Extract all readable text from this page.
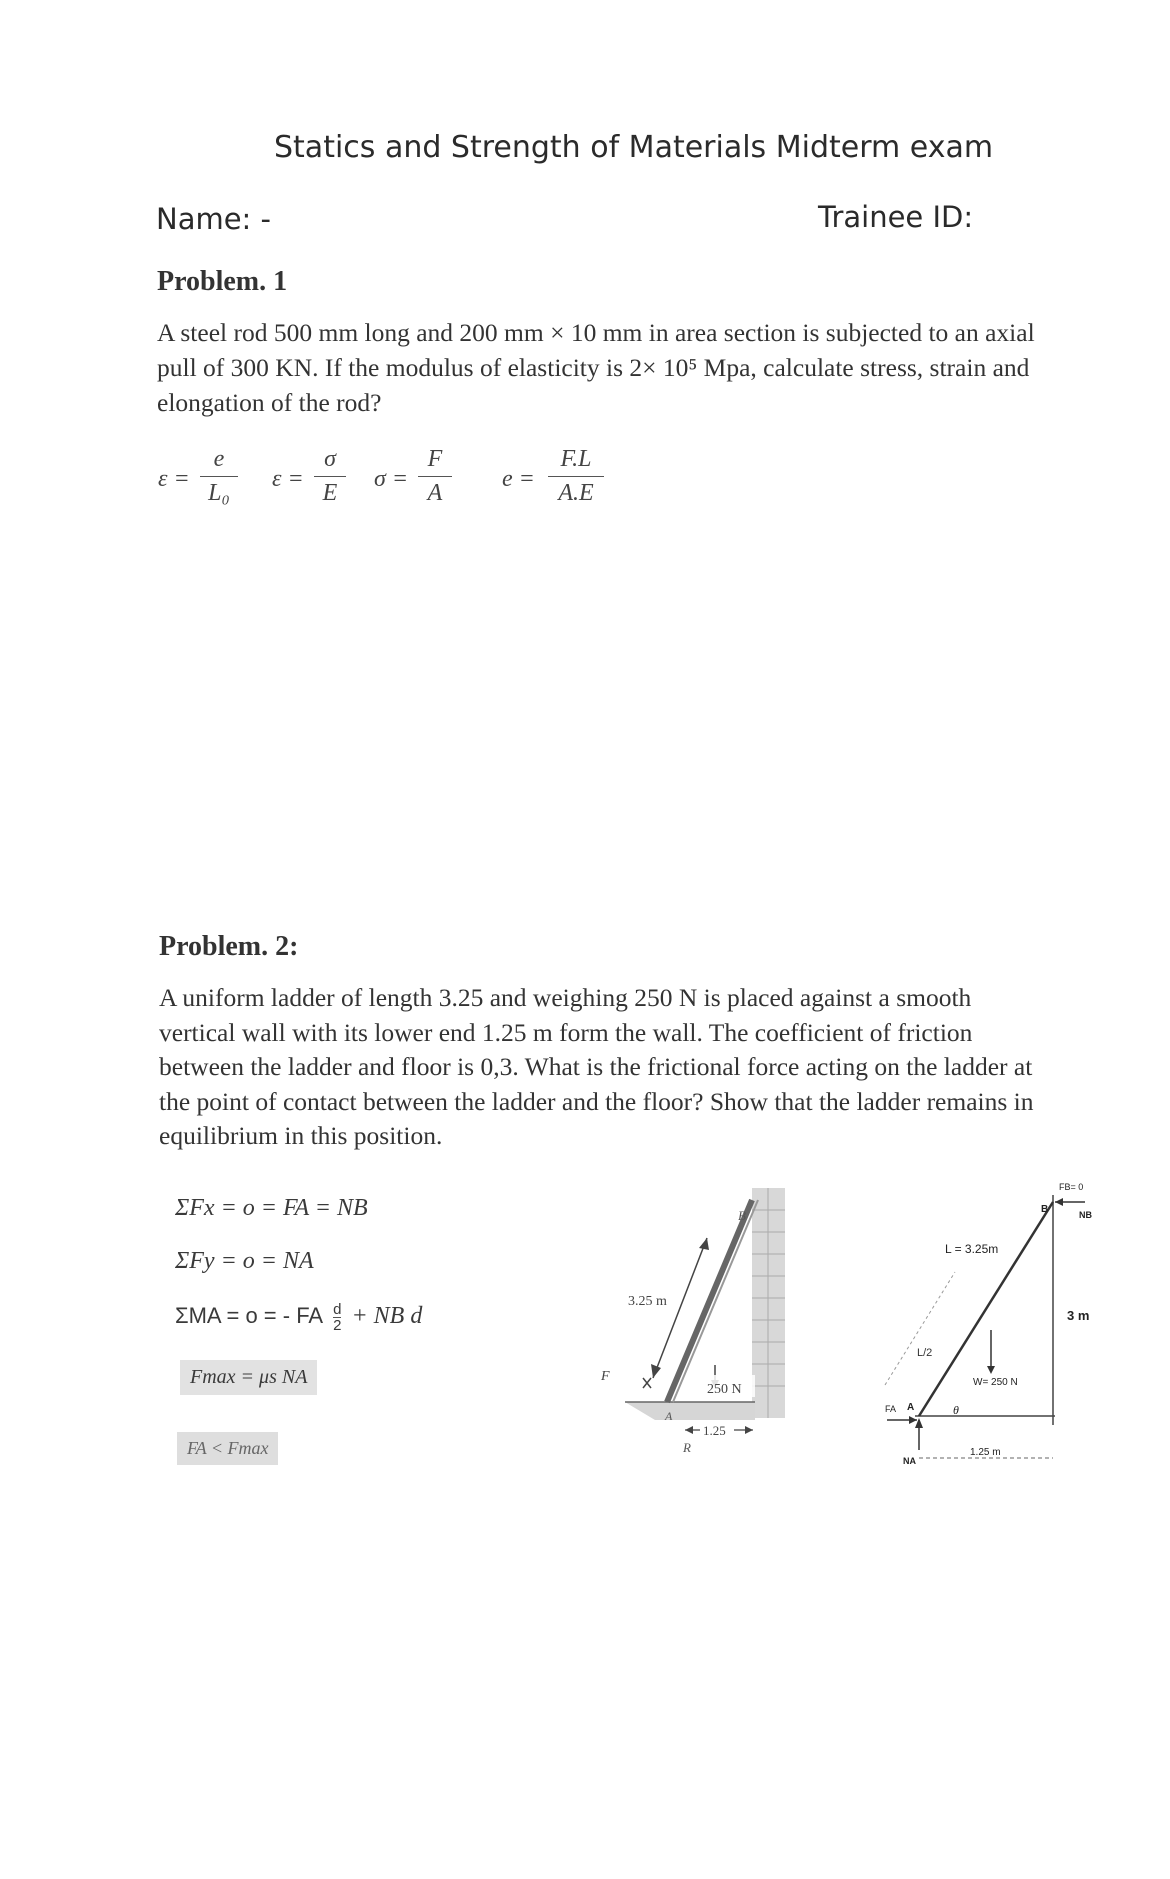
Statics and Strength of Materials Midterm exam
Name: -	Trainee ID:
Problem. 1
A steel rod 500 mm long and 200 mm × 10 mm in area section is subjected to an axial
pull of 300 KN. If the modulus of elasticity is 2× 10⁵ Mpa, calculate stress, strain and
elongation of the rod?
$\varepsilon = \frac{e}{\text{L₀}}$ $\varepsilon = \frac{\sigma}{E}$ $\sigma = \frac{F}{A}$ $e = \frac{F.L}{A.E}$
Problem. 2:
A uniform ladder of length 3.25 and weighing 250 N is placed against a smooth
vertical wall with its lower end 1.25 m form the wall. The coefficient of friction
between the ladder and floor is 0,3. What is the frictional force acting on the ladder at
the point of contact between the ladder and the floor? Show that the ladder remains in
equilibrium in this position.
ΣFx = o = FA = NB
ΣFy = o = NA
ΣMA = o = - FA $\frac{d}{2}$ + NB d
Fmax = μs NA
FA < Fmax
3.25 m
B
250 N
F
1.25
A
R
L/2
L = 3.25m
W= 250 N
3 m
1.25 m
A
B
θ
FA
NA
NB
FB= 0
